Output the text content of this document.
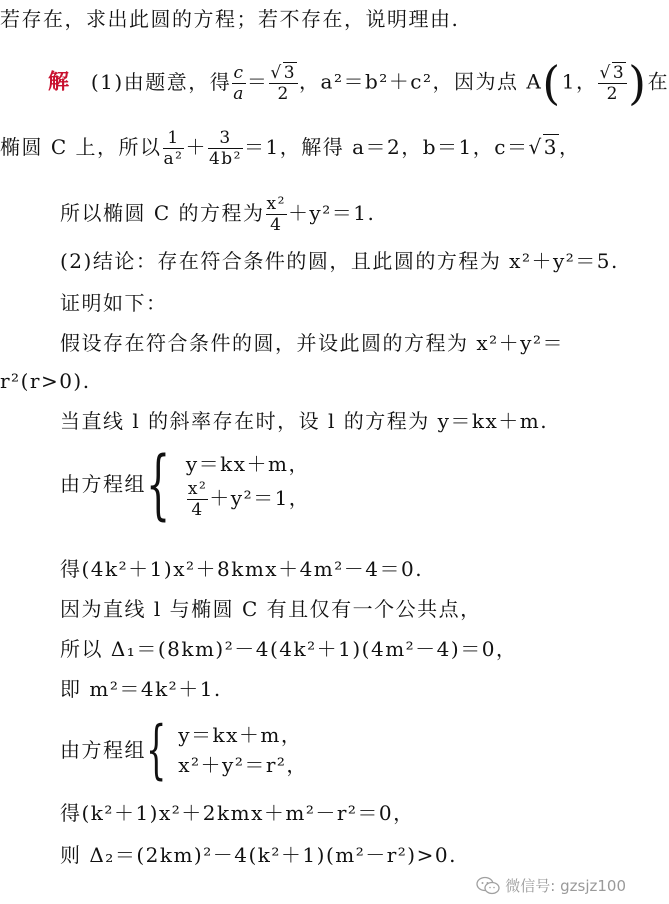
若存在，求出此圆的方程；若不存在，说明理由.
解 (1)由题意，得 $\frac{c}{a} = \frac{√3}{2}$ ，a²＝b²＋c²，因为点 A(1， $\frac{√3}{2}$ )在
椭圆 C 上，所以 $\frac{1}{\text{a²}} + \frac{3}{\text{4b²}} =1$，解得 a＝2，b＝1，c＝√3，
所以椭圆 C 的方程为 $\frac{\text{x²}}{4} +y^2=1$.
(2)结论：存在符合条件的圆，且此圆的方程为 x²＋y²＝5.
证明如下：
假设存在符合条件的圆，并设此圆的方程为 x²＋y²＝
r²(r>0).
当直线 l 的斜率存在时，设 l 的方程为 y＝kx＋m.
由方程组{ y＝kx＋m，
$\frac{\text{x²}}{4} +y^2=1$，
得(4k²＋1)x²＋8kmx＋4m²－4＝0.
因为直线 l 与椭圆 C 有且仅有一个公共点，
所以 Δ₁＝(8km)²－4(4k²＋1)(4m²－4)＝0，
即 m²＝4k²＋1.
由方程组{ y＝kx＋m，
x²＋y²＝r²，
得(k²＋1)x²＋2kmx＋m²－r²＝0，
则 Δ₂＝(2km)²－4(k²＋1)(m²－r²)>0.
微信号: gzsjz100
